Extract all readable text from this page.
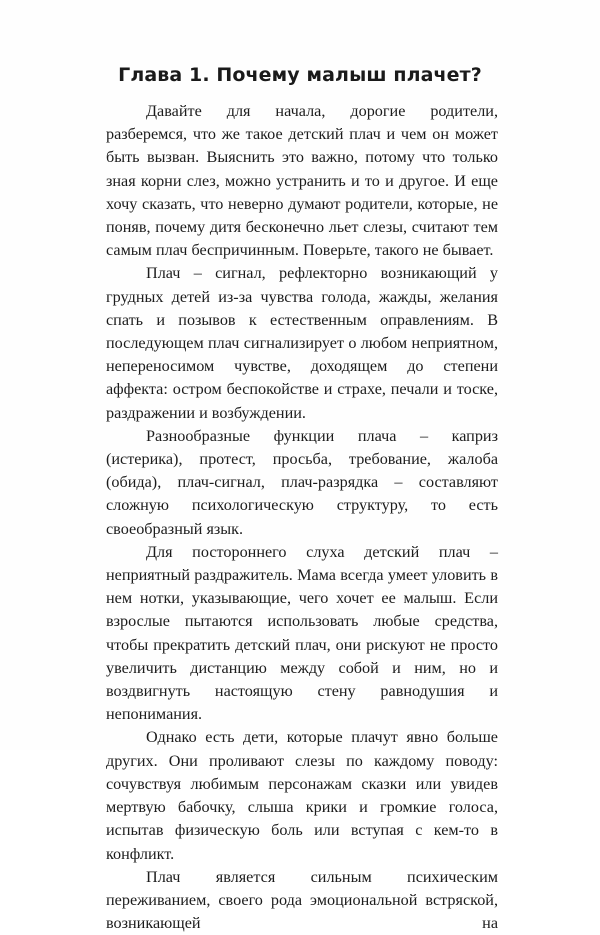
Глава 1. Почему малыш плачет?

Давайте для начала, дорогие родители, разберемся, что же такое детский плач и чем он может быть вызван. Выяснить это важно, потому что только зная корни слез, можно устранить и то и другое. И еще хочу сказать, что неверно думают родители, которые, не поняв, почему дитя бесконечно льет слезы, считают тем самым плач беспричинным. Поверьте, такого не бывает.

Плач – сигнал, рефлекторно возникающий у грудных детей из-за чувства голода, жажды, желания спать и позывов к естественным оправлениям. В последующем плач сигнализирует о любом неприятном, непереносимом чувстве, доходящем до степени аффекта: остром беспокойстве и страхе, печали и тоске, раздражении и возбуждении.

Разнообразные функции плача – каприз (истерика), протест, просьба, требование, жалоба (обида), плач-сигнал, плач-разрядка – составляют сложную психологическую структуру, то есть своеобразный язык.

Для постороннего слуха детский плач – неприятный раздражитель. Мама всегда умеет уловить в нем нотки, указывающие, чего хочет ее малыш. Если взрослые пытаются использовать любые средства, чтобы прекратить детский плач, они рискуют не просто увеличить дистанцию между собой и ним, но и воздвигнуть настоящую стену равнодушия и непонимания.

Однако есть дети, которые плачут явно больше других. Они проливают слезы по каждому поводу: сочувствуя любимым персонажам сказки или увидев мертвую бабочку, слыша крики и громкие голоса, испытав физическую боль или вступая с кем-то в конфликт.

Плач является сильным психическим переживанием, своего рода эмоциональной встряской, возникающей на
